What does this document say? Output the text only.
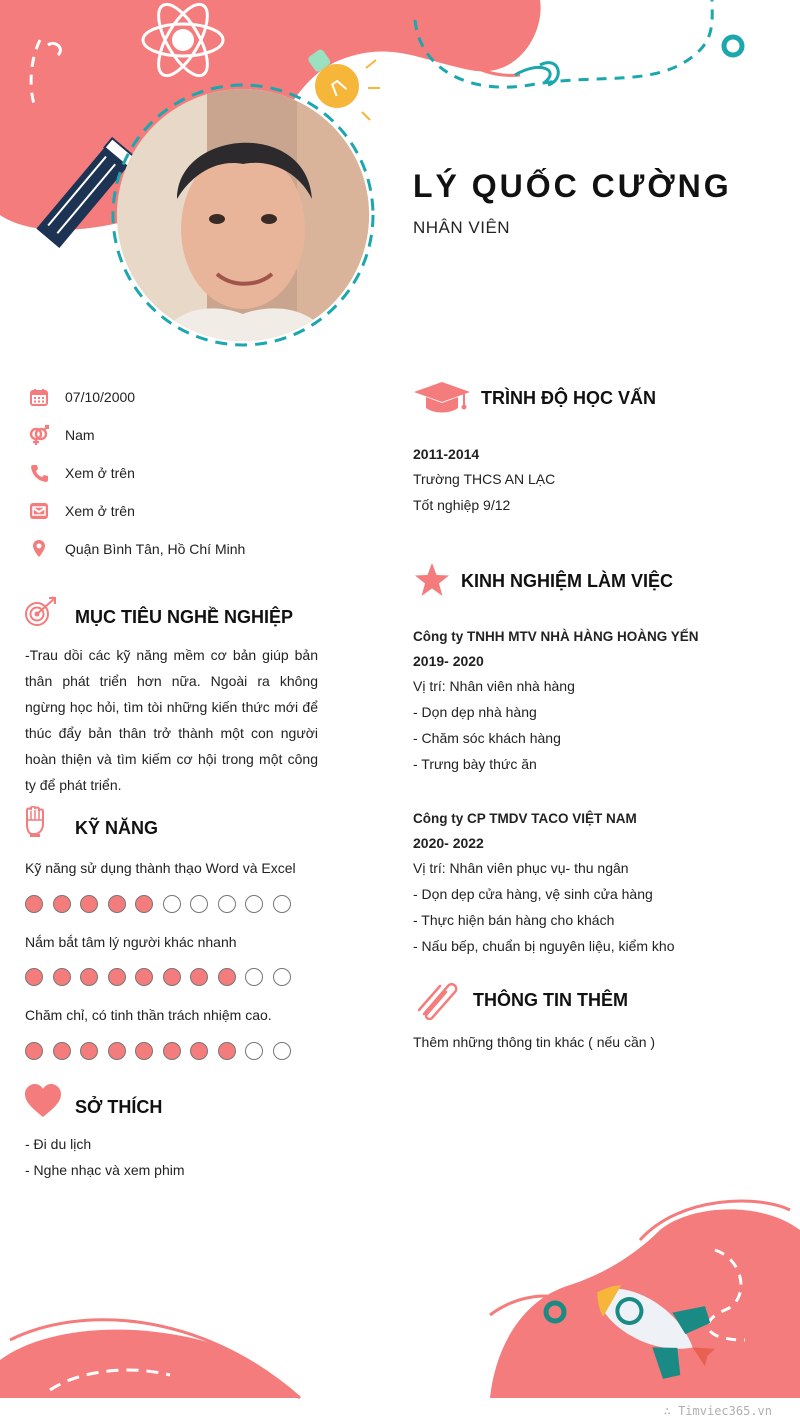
LÝ QUỐC CƯỜNG
NHÂN VIÊN
07/10/2000
Nam
Xem ở trên
Xem ở trên
Quận Bình Tân, Hồ Chí Minh
MỤC TIÊU NGHỀ NGHIỆP
-Trau dồi các kỹ năng mềm cơ bản giúp bản thân phát triển hơn nữa. Ngoài ra không ngừng học hỏi, tìm tòi những kiến thức mới để thúc đẩy bản thân trở thành một con người hoàn thiện và tìm kiếm cơ hội trong một công ty để phát triển.
KỸ NĂNG
Kỹ năng sử dụng thành thạo Word và Excel
Nắm bắt tâm lý người khác nhanh
Chăm chỉ, có tinh thần trách nhiệm cao.
SỞ THÍCH
- Đi du lịch
- Nghe nhạc và xem phim
TRÌNH ĐỘ HỌC VẤN
2011-2014
Trường THCS AN LẠC
Tốt nghiệp 9/12
KINH NGHIỆM LÀM VIỆC
Công ty TNHH MTV NHÀ HÀNG HOÀNG YẾN
2019- 2020
Vị trí: Nhân viên nhà hàng
- Dọn dẹp nhà hàng
- Chăm sóc khách hàng
- Trưng bày thức ăn
Công ty CP TMDV TACO VIỆT NAM
2020- 2022
Vị trí: Nhân viên phục vụ- thu ngân
- Dọn dẹp cửa hàng, vệ sinh cửa hàng
- Thực hiện bán hàng cho khách
- Nấu bếp, chuẩn bị nguyên liệu, kiểm kho
THÔNG TIN THÊM
Thêm những thông tin khác ( nếu cần )
∴ Timviec365.vn
